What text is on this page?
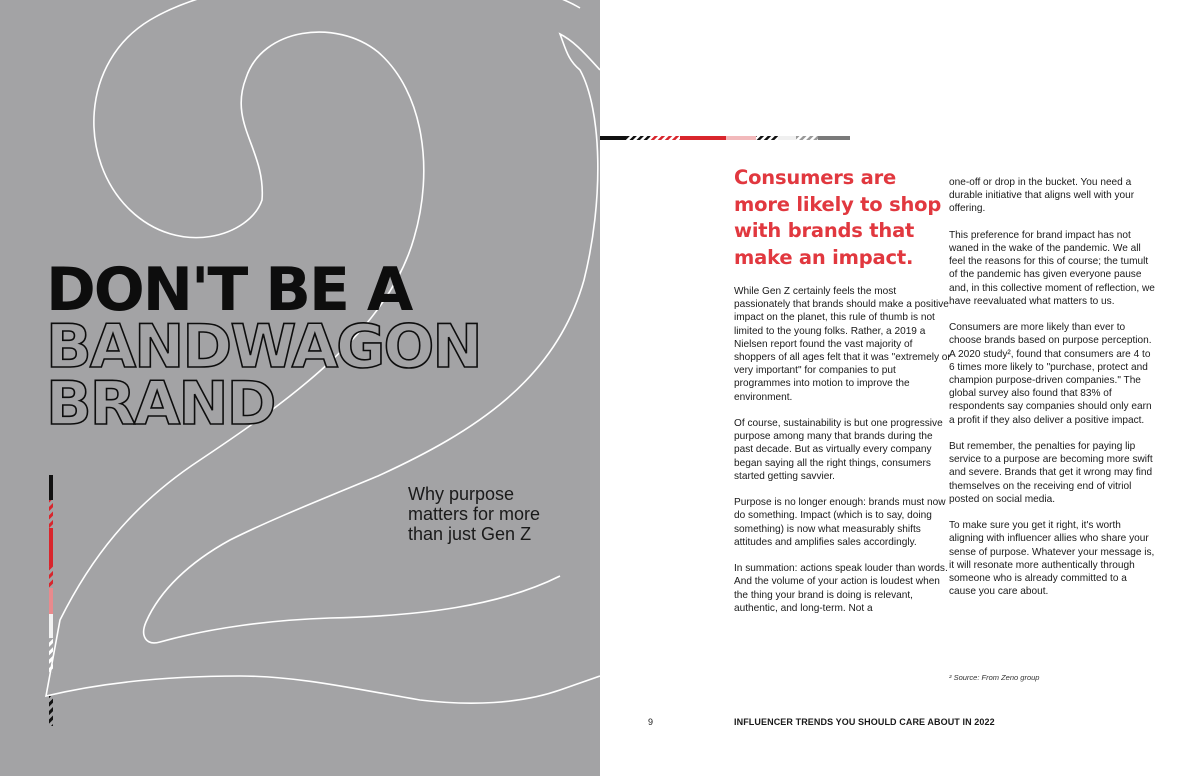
DON'T BE A
BANDWAGON
BRAND

Why purpose matters for more than just Gen Z

Consumers are more likely to shop with brands that make an impact.

While Gen Z certainly feels the most passionately that brands should make a positive impact on the planet, this rule of thumb is not limited to the young folks. Rather, a 2019 a Nielsen report found the vast majority of shoppers of all ages felt that it was "extremely or very important" for companies to put programmes into motion to improve the environment.

Of course, sustainability is but one progressive purpose among many that brands during the past decade. But as virtually every company began saying all the right things, consumers started getting savvier.

Purpose is no longer enough: brands must now do something. Impact (which is to say, doing something) is now what measurably shifts attitudes and amplifies sales accordingly.

In summation: actions speak louder than words. And the volume of your action is loudest when the thing your brand is doing is relevant, authentic, and long-term. Not a

one-off or drop in the bucket. You need a durable initiative that aligns well with your offering.

This preference for brand impact has not waned in the wake of the pandemic. We all feel the reasons for this of course; the tumult of the pandemic has given everyone pause and, in this collective moment of reflection, we have reevaluated what matters to us.

Consumers are more likely than ever to choose brands based on purpose perception. A 2020 study², found that consumers are 4 to 6 times more likely to "purchase, protect and champion purpose-driven companies." The global survey also found that 83% of respondents say companies should only earn a profit if they also deliver a positive impact.

But remember, the penalties for paying lip service to a purpose are becoming more swift and severe. Brands that get it wrong may find themselves on the receiving end of vitriol posted on social media.

To make sure you get it right, it's worth aligning with influencer allies who share your sense of purpose. Whatever your message is, it will resonate more authentically through someone who is already committed to a cause you care about.

² Source: From Zeno group
9	INFLUENCER TRENDS YOU SHOULD CARE ABOUT IN 2022
